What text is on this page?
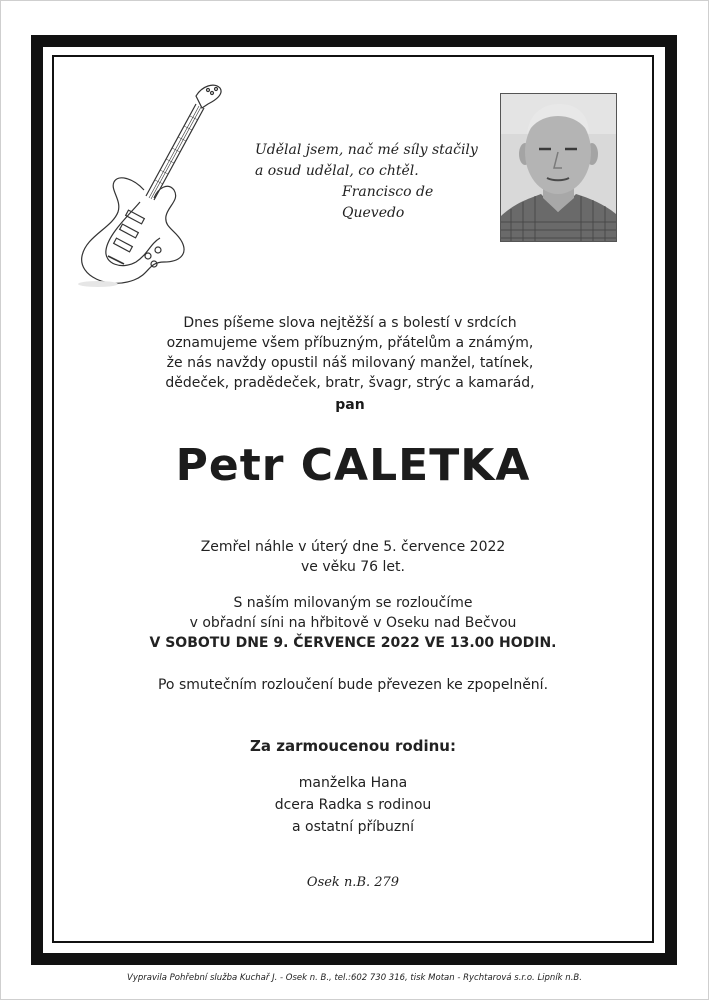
Udělal jsem, nač mé síly stačily
a osud udělal, co chtěl.
Francisco de Quevedo
Dnes píšeme slova nejtěžší a s bolestí v srdcích
oznamujeme všem příbuzným, přátelům a známým,
že nás navždy opustil náš milovaný manžel, tatínek,
dědeček, pradědeček, bratr, švagr, strýc a kamarád,
pan
Petr CALETKA
Zemřel náhle v úterý dne 5. července 2022
ve věku 76 let.
S naším milovaným se rozloučíme
v obřadní síni na hřbitově v Oseku nad Bečvou
V SOBOTU DNE 9. ČERVENCE 2022 VE 13.00 HODIN.
Po smutečním rozloučení bude převezen ke zpopelnění.
Za zarmoucenou rodinu:
manželka Hana
dcera Radka s rodinou
a ostatní příbuzní
Osek n.B. 279
Vypravila Pohřební služba Kuchař J. - Osek n. B., tel.:602 730 316, tisk Motan - Rychtarová s.r.o. Lipník n.B.
